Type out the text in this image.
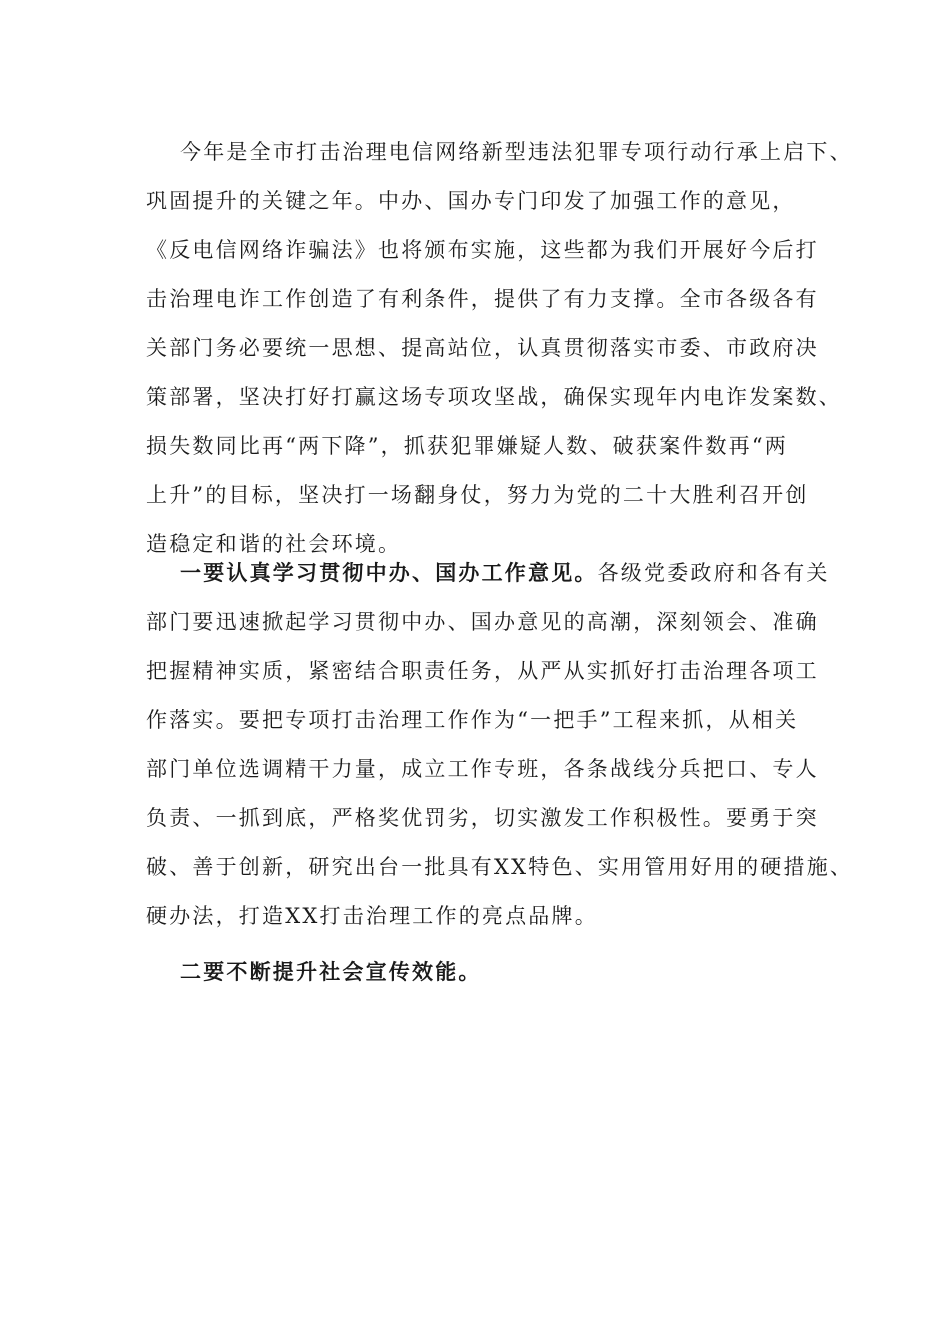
今年是全市打击治理电信网络新型违法犯罪专项行动行承上启下、
巩固提升的关键之年。中办、国办专门印发了加强工作的意见，
《反电信网络诈骗法》也将颁布实施，这些都为我们开展好今后打
击治理电诈工作创造了有利条件，提供了有力支撑。全市各级各有
关部门务必要统一思想、提高站位，认真贯彻落实市委、市政府决
策部署，坚决打好打赢这场专项攻坚战，确保实现年内电诈发案数、
损失数同比再“两下降”，抓获犯罪嫌疑人数、破获案件数再“两
上升”的目标，坚决打一场翻身仗，努力为党的二十大胜利召开创
造稳定和谐的社会环境。
一要认真学习贯彻中办、国办工作意见。各级党委政府和各有关
部门要迅速掀起学习贯彻中办、国办意见的高潮，深刻领会、准确
把握精神实质，紧密结合职责任务，从严从实抓好打击治理各项工
作落实。要把专项打击治理工作作为“一把手”工程来抓，从相关
部门单位选调精干力量，成立工作专班，各条战线分兵把口、专人
负责、一抓到底，严格奖优罚劣，切实激发工作积极性。要勇于突
破、善于创新，研究出台一批具有XX特色、实用管用好用的硬措施、
硬办法，打造XX打击治理工作的亮点品牌。
二要不断提升社会宣传效能。
